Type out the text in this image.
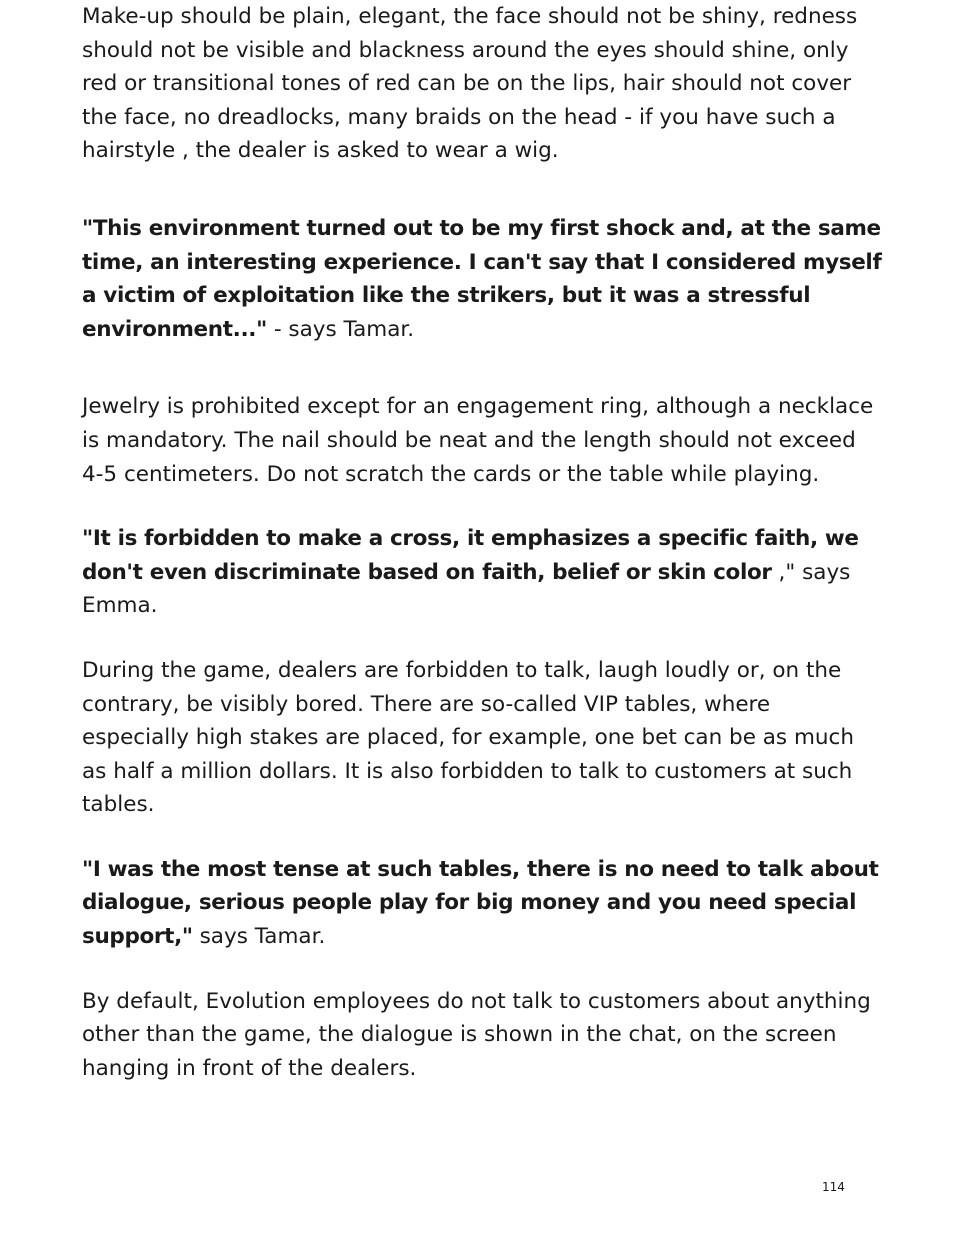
Make-up should be plain, elegant, the face should not be shiny, redness should not be visible and blackness around the eyes should shine, only red or transitional tones of red can be on the lips, hair should not cover the face, no dreadlocks, many braids on the head - if you have such a hairstyle , the dealer is asked to wear a wig.

"This environment turned out to be my first shock and, at the same time, an interesting experience. I can't say that I considered myself a victim of exploitation like the strikers, but it was a stressful environment..." - says Tamar.

Jewelry is prohibited except for an engagement ring, although a necklace is mandatory. The nail should be neat and the length should not exceed 4-5 centimeters. Do not scratch the cards or the table while playing.

"It is forbidden to make a cross, it emphasizes a specific faith, we don't even discriminate based on faith, belief or skin color ," says Emma.

During the game, dealers are forbidden to talk, laugh loudly or, on the contrary, be visibly bored. There are so-called VIP tables, where especially high stakes are placed, for example, one bet can be as much as half a million dollars. It is also forbidden to talk to customers at such tables.

"I was the most tense at such tables, there is no need to talk about dialogue, serious people play for big money and you need special support," says Tamar.

By default, Evolution employees do not talk to customers about anything other than the game, the dialogue is shown in the chat, on the screen hanging in front of the dealers.

114
